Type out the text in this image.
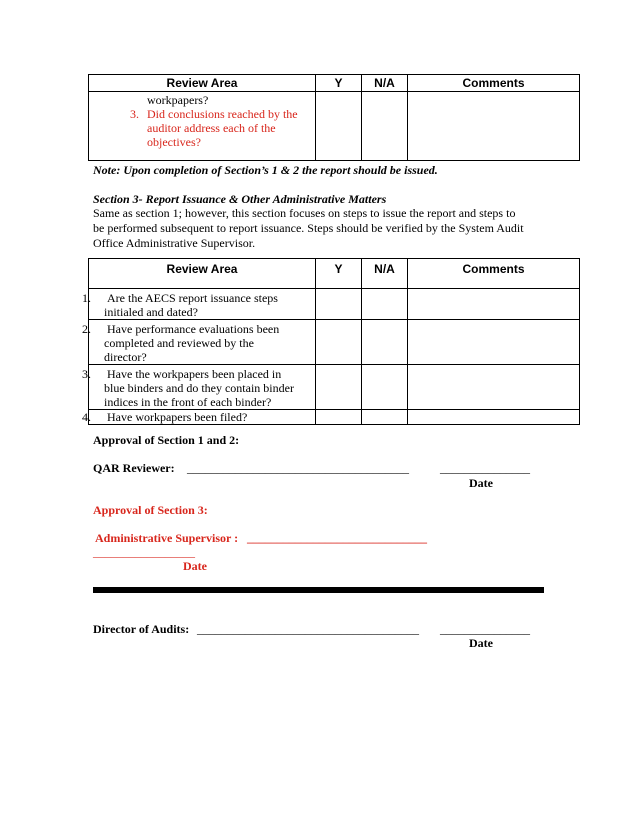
Review Area	Y	N/A	Comments

workpapers?
3. Did conclusions reached by the
auditor address each of the
objectives?			

Note: Upon completion of Section’s 1 & 2 the report should be issued.
Section 3- Report Issuance & Other Administrative Matters
Same as section 1; however, this section focuses on steps to issue the report and steps to
be performed subsequent to report issuance. Steps should be verified by the System Audit
Office Administrative Supervisor.
Review Area	Y	N/A	Comments

1. Are the AECS report issuance steps
initialed and dated?			

2. Have performance evaluations been
completed and reviewed by the
director?			

3. Have the workpapers been placed in
blue binders and do they contain binder
indices in the front of each binder?			

4. Have workpapers been filed?			

Approval of Section 1 and 2:
QAR Reviewer: _____________________________________	_______________
Date
Approval of Section 3:
Administrative Supervisor : ______________________________
_________________
Date
Director of Audits: _____________________________________ _______________
Date
